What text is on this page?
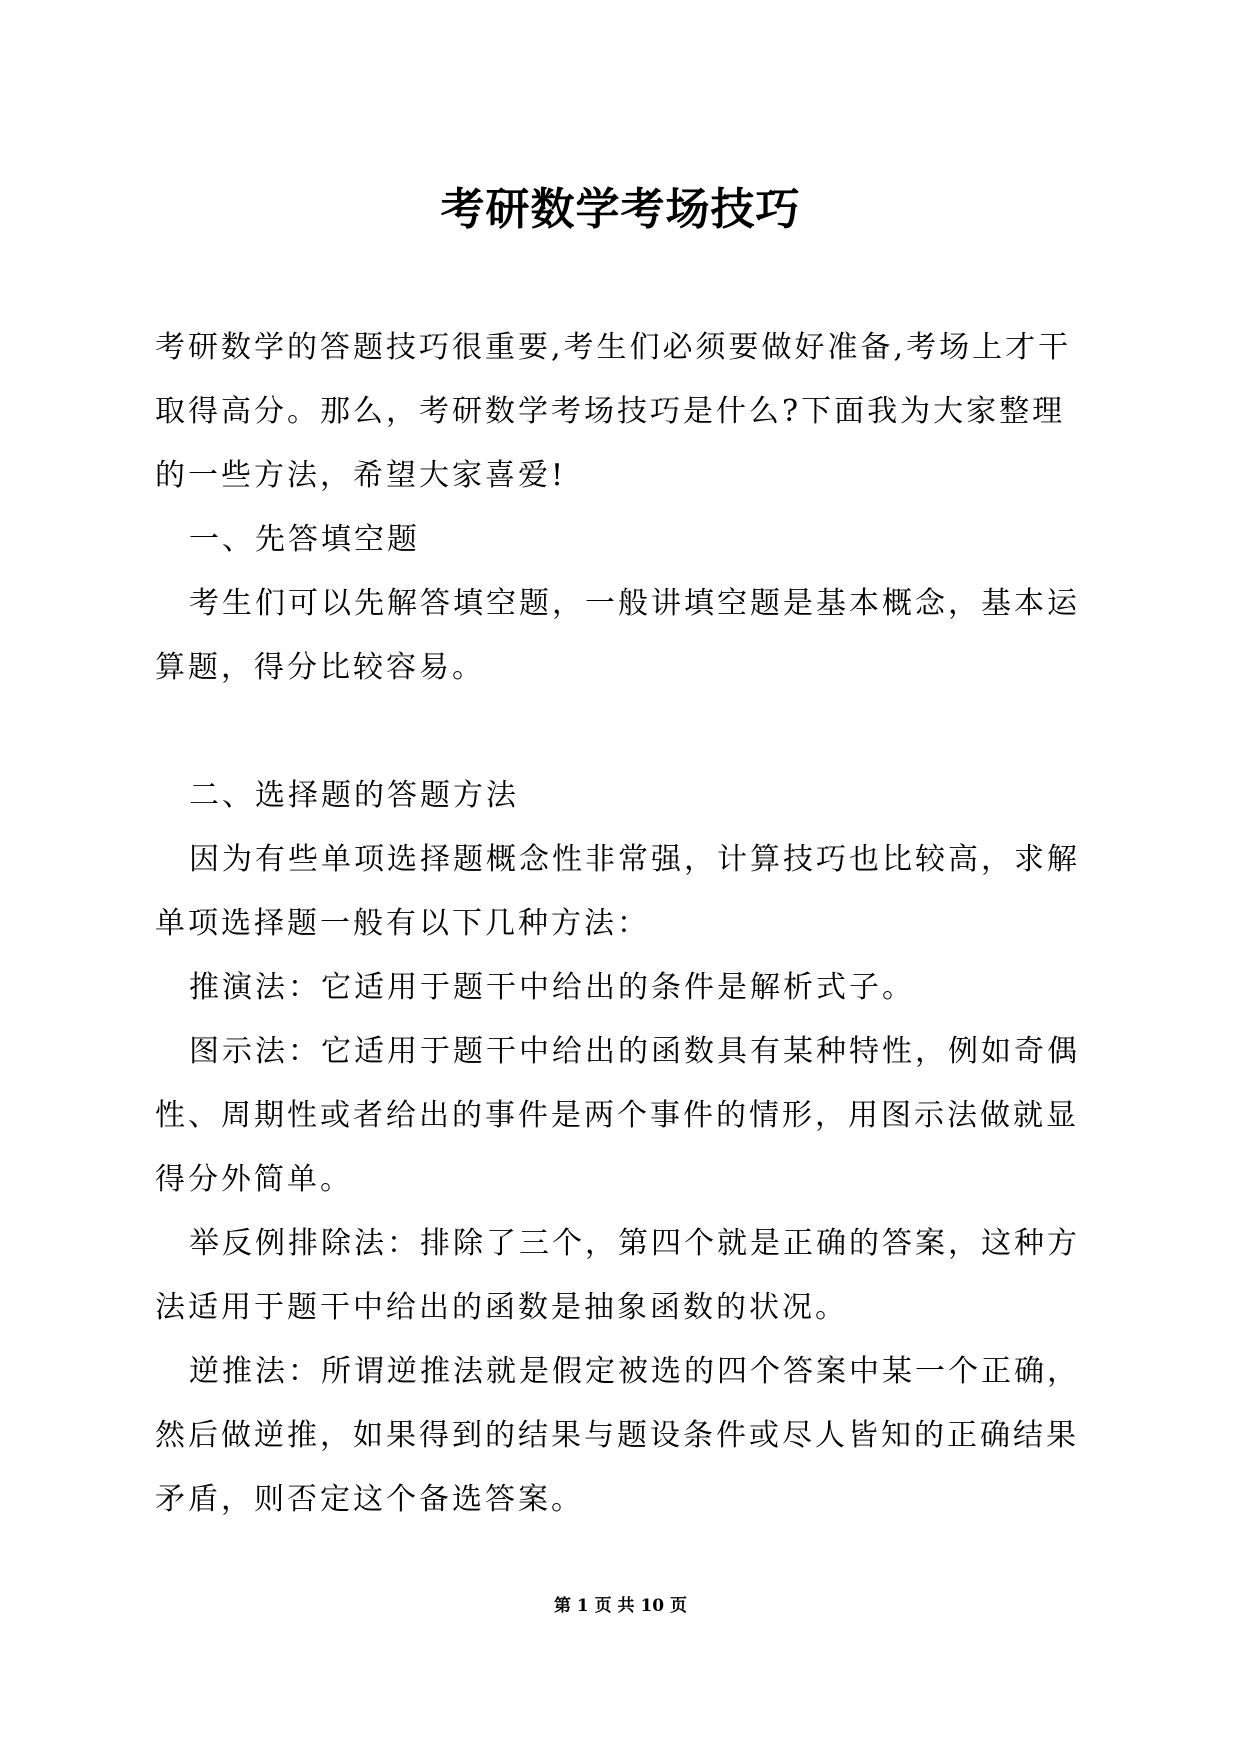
考研数学考场技巧

考研数学的答题技巧很重要,考生们必须要做好准备,考场上才干取得高分。那么，考研数学考场技巧是什么?下面我为大家整理的一些方法，希望大家喜爱!

一、先答填空题

考生们可以先解答填空题，一般讲填空题是基本概念，基本运算题，得分比较容易。

二、选择题的答题方法

因为有些单项选择题概念性非常强，计算技巧也比较高，求解单项选择题一般有以下几种方法：

推演法：它适用于题干中给出的条件是解析式子。

图示法：它适用于题干中给出的函数具有某种特性，例如奇偶性、周期性或者给出的事件是两个事件的情形，用图示法做就显得分外简单。

举反例排除法：排除了三个，第四个就是正确的答案，这种方法适用于题干中给出的函数是抽象函数的状况。

逆推法：所谓逆推法就是假定被选的四个答案中某一个正确，然后做逆推，如果得到的结果与题设条件或尽人皆知的正确结果矛盾，则否定这个备选答案。

第 1 页 共 10 页
